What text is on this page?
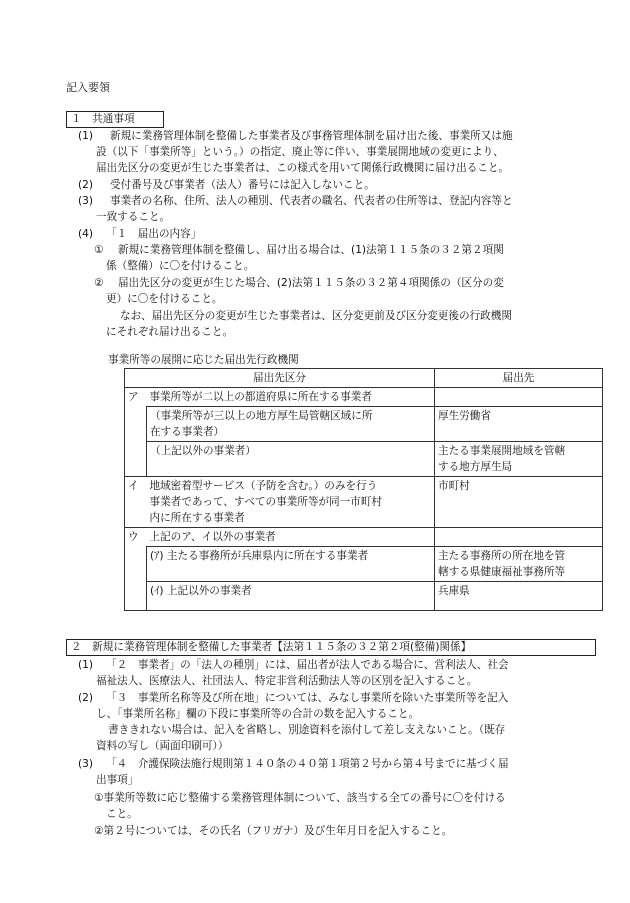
記入要領
１　共通事項
(1) 新規に業務管理体制を整備した事業者及び事務管理体制を届け出た後、事業所又は施
設（以下「事業所等」という。）の指定、廃止等に伴い、事業展開地域の変更により、
届出先区分の変更が生じた事業者は、この様式を用いて関係行政機関に届け出ること。
(2) 受付番号及び事業者（法人）番号には記入しないこと。
(3) 事業者の名称、住所、法人の種別、代表者の職名、代表者の住所等は、登記内容等と
一致すること。
(4) 「１　届出の内容」
① 新規に業務管理体制を整備し、届け出る場合は、(1)法第１１５条の３２第２項関
係（整備）に〇を付けること。
② 届出先区分の変更が生じた場合、(2)法第１１５条の３２第４項関係の（区分の変
更）に〇を付けること。
なお、届出先区分の変更が生じた事業者は、区分変更前及び区分変更後の行政機関
にそれぞれ届け出ること。
事業所等の展開に応じた届出先行政機関
届出先区分		届出先
ア	事業所等が二以上の都道府県に所在する事業者	

	（事業所等が三以上の地方厚生局管轄区域に所
在する事業者）	厚生労働省
	（上記以外の事業者）	主たる事業展開地域を管轄
する地方厚生局

イ	地域密着型サービス（予防を含む。）のみを行う
事業者であって、すべての事業所等が同一市町村
内に所在する事業者	市町村
ウ	上記のア、イ以外の事業者	
	(ｱ) 主たる事務所が兵庫県内に所在する事業者	主たる事務所の所在地を管
轄する県健康福祉事務所等

	(ｲ) 上記以外の事業者	兵庫県
２　新規に業務管理体制を整備した事業者【法第１１５条の３２第２項(整備)関係】
(1) 「２　事業者」の「法人の種別」には、届出者が法人である場合に、営利法人、社会
福祉法人、医療法人、社団法人、特定非営利活動法人等の区別を記入すること。
(2) 「３　事業所名称等及び所在地」については、みなし事業所を除いた事業所等を記入
し、「事業所名称」欄の下段に事業所等の合計の数を記入すること。
書ききれない場合は、記入を省略し、別途資料を添付して差し支えないこと。（既存
資料の写し（両面印刷可））
(3) 「４　介護保険法施行規則第１４０条の４０第１項第２号から第４号までに基づく届
出事項」
①事業所等数に応じ整備する業務管理体制について、該当する全ての番号に〇を付ける
こと。
②第２号については、その氏名（フリガナ）及び生年月日を記入すること。
